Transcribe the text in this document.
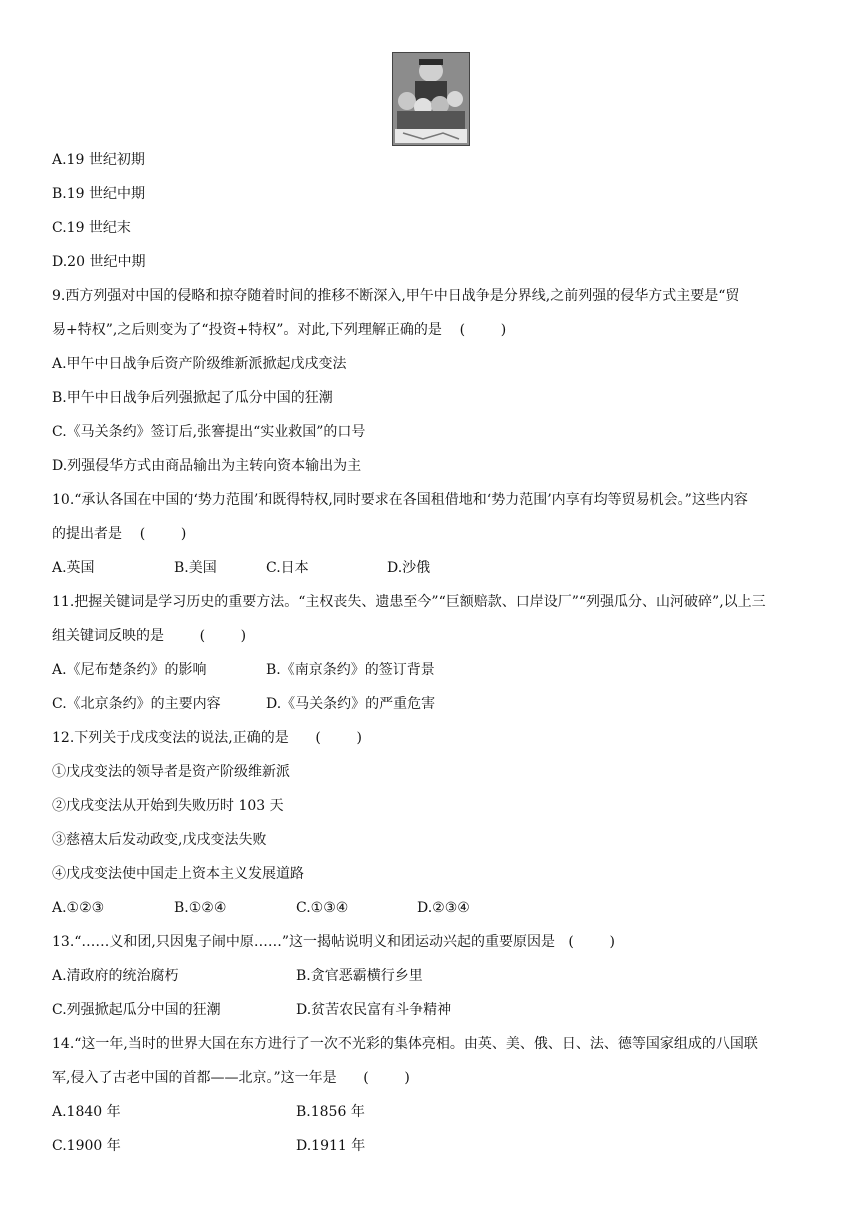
A.19 世纪初期
B.19 世纪中期
C.19 世纪末
D.20 世纪中期
9.西方列强对中国的侵略和掠夺随着时间的推移不断深入,甲午中日战争是分界线,之前列强的侵华方式主要是“贸
易+特权”,之后则变为了“投资+特权”。对此,下列理解正确的是    (        )
A.甲午中日战争后资产阶级维新派掀起戊戌变法
B.甲午中日战争后列强掀起了瓜分中国的狂潮
C.《马关条约》签订后,张謇提出“实业救国”的口号
D.列强侵华方式由商品输出为主转向资本输出为主
10.“承认各国在中国的‘势力范围’和既得特权,同时要求在各国租借地和‘势力范围’内享有均等贸易机会。”这些内容
的提出者是    (        )
A.英国	B.美国	C.日本	D.沙俄
11.把握关键词是学习历史的重要方法。“主权丧失、遗患至今”“巨额赔款、口岸设厂”“列强瓜分、山河破碎”,以上三
组关键词反映的是        (        )
A.《尼布楚条约》的影响	B.《南京条约》的签订背景
C.《北京条约》的主要内容	D.《马关条约》的严重危害
12.下列关于戊戌变法的说法,正确的是      (        )
①戊戌变法的领导者是资产阶级维新派
②戊戌变法从开始到失败历时 103 天
③慈禧太后发动政变,戊戌变法失败
④戊戌变法使中国走上资本主义发展道路
A.①②③	B.①②④	C.①③④	D.②③④
13.“……义和团,只因鬼子闹中原……”这一揭帖说明义和团运动兴起的重要原因是   (        )
A.清政府的统治腐朽	B.贪官恶霸横行乡里
C.列强掀起瓜分中国的狂潮	D.贫苦农民富有斗争精神
14.“这一年,当时的世界大国在东方进行了一次不光彩的集体亮相。由英、美、俄、日、法、德等国家组成的八国联
军,侵入了古老中国的首都——北京。”这一年是      (        )
A.1840 年	B.1856 年
C.1900 年	D.1911 年
